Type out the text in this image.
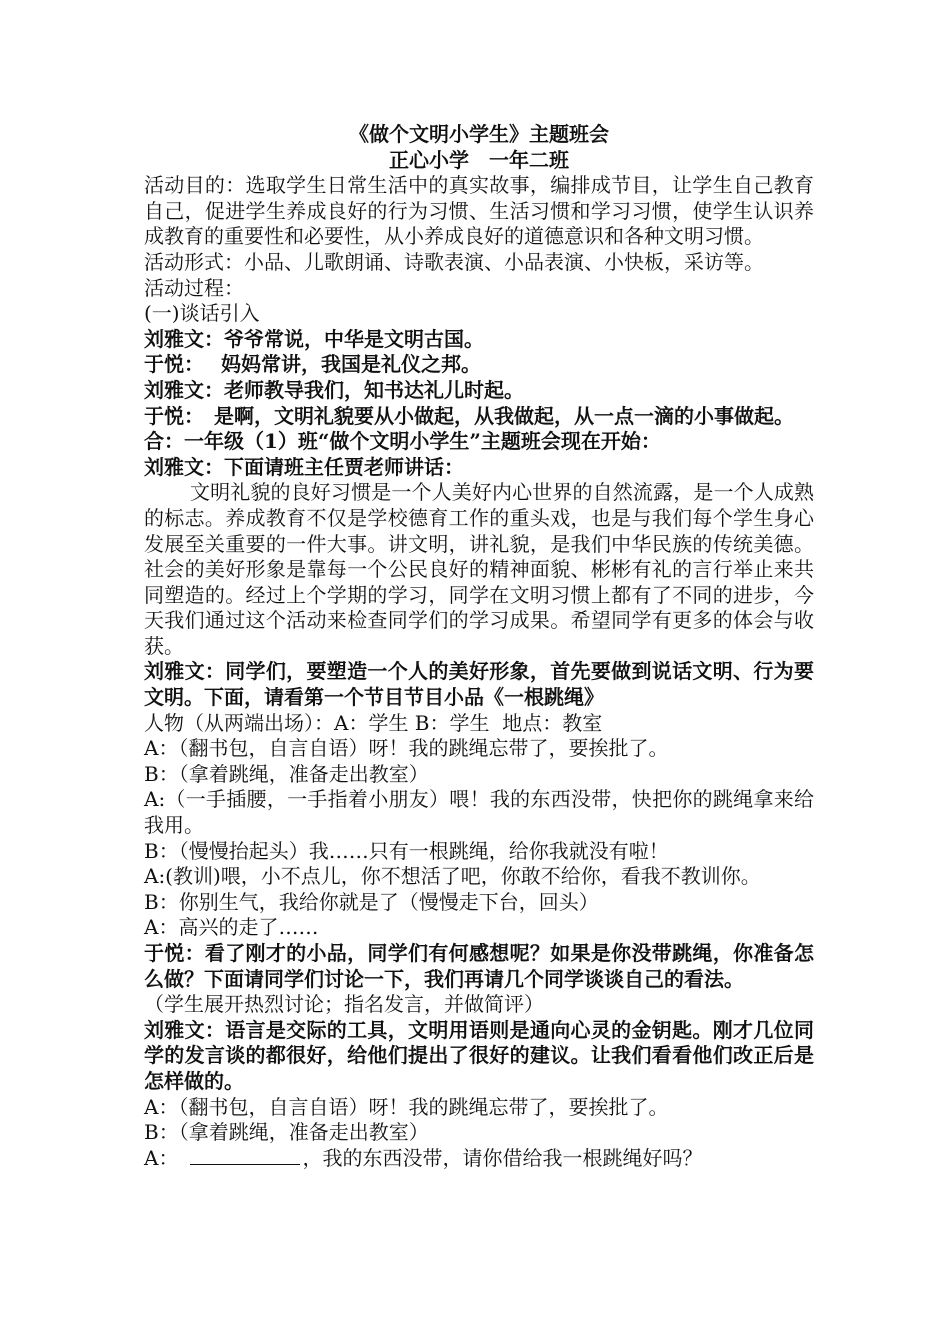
《做个文明小学生》主题班会

正心小学　一年二班

活动目的：选取学生日常生活中的真实故事，编排成节目，让学生自己教育自己，促进学生养成良好的行为习惯、生活习惯和学习习惯，使学生认识养成教育的重要性和必要性，从小养成良好的道德意识和各种文明习惯。

活动形式：小品、儿歌朗诵、诗歌表演、小品表演、小快板，采访等。

活动过程：

(一)谈话引入

刘雅文：爷爷常说，中华是文明古国。

于悦：　 妈妈常讲，我国是礼仪之邦。

刘雅文：老师教导我们，知书达礼儿时起。

于悦：　是啊，文明礼貌要从小做起，从我做起，从一点一滴的小事做起。

合：一年级（1）班“做个文明小学生”主题班会现在开始：

刘雅文：下面请班主任贾老师讲话：

文明礼貌的良好习惯是一个人美好内心世界的自然流露，是一个人成熟的标志。养成教育不仅是学校德育工作的重头戏，也是与我们每个学生身心发展至关重要的一件大事。讲文明，讲礼貌，是我们中华民族的传统美德。社会的美好形象是靠每一个公民良好的精神面貌、彬彬有礼的言行举止来共同塑造的。经过上个学期的学习，同学在文明习惯上都有了不同的进步，今天我们通过这个活动来检查同学们的学习成果。希望同学有更多的体会与收获。

刘雅文：同学们，要塑造一个人的美好形象，首先要做到说话文明、行为要文明。下面，请看第一个节目节目小品《一根跳绳》

人物（从两端出场）：A：学生 B：学生  地点：教室

A：（翻书包，自言自语）呀！我的跳绳忘带了，要挨批了。

B：（拿着跳绳，准备走出教室）

A:（一手插腰，一手指着小朋友）喂！我的东西没带，快把你的跳绳拿来给我用。

B：（慢慢抬起头）我……只有一根跳绳，给你我就没有啦！

A:(教训)喂，小不点儿，你不想活了吧，你敢不给你，看我不教训你。

B：你别生气，我给你就是了（慢慢走下台，回头）

A：高兴的走了……

于悦：看了刚才的小品，同学们有何感想呢？如果是你没带跳绳，你准备怎么做？下面请同学们讨论一下，我们再请几个同学谈谈自己的看法。

（学生展开热烈讨论；指名发言，并做简评）

刘雅文：语言是交际的工具，文明用语则是通向心灵的金钥匙。刚才几位同学的发言谈的都很好，给他们提出了很好的建议。让我们看看他们改正后是怎样做的。

A：（翻书包，自言自语）呀！我的跳绳忘带了，要挨批了。

B：（拿着跳绳，准备走出教室）

A：　	，我的东西没带，请你借给我一根跳绳好吗？
